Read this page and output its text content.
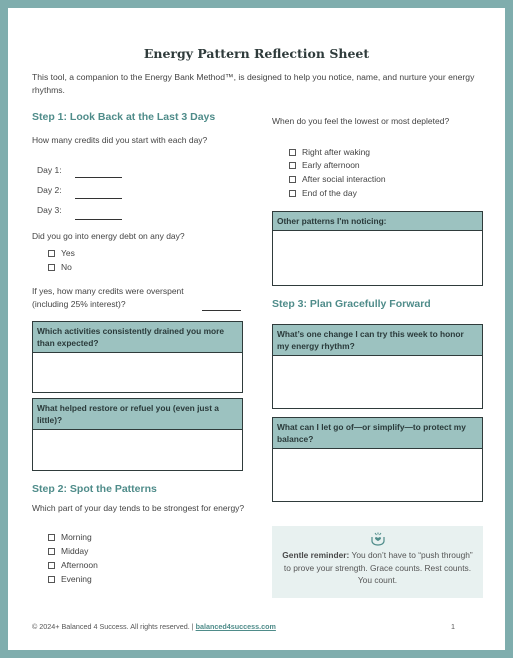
Energy Pattern Reflection Sheet
This tool, a companion to the Energy Bank Method™, is designed to help you notice, name, and nurture your energy rhythms.
Step 1: Look Back at the Last 3 Days
How many credits did you start with each day?
Day 1:
Day 2:
Day 3:
Did you go into energy debt on any day?
Yes
No
If yes, how many credits were overspent (including 25% interest)?
Which activities consistently drained you more than expected?
What helped restore or refuel you (even just a little)?
Step 2: Spot the Patterns
Which part of your day tends to be strongest for energy?
Morning
Midday
Afternoon
Evening
When do you feel the lowest or most depleted?
Right after waking
Early afternoon
After social interaction
End of the day
Other patterns I'm noticing:
Step 3: Plan Gracefully Forward
What’s one change I can try this week to honor my energy rhythm?
What can I let go of—or simplify—to protect my balance?
Gentle reminder: You don’t have to “push through” to prove your strength. Grace counts. Rest counts. You count.
© 2024+ Balanced 4 Success. All rights reserved. | balanced4success.com	1
